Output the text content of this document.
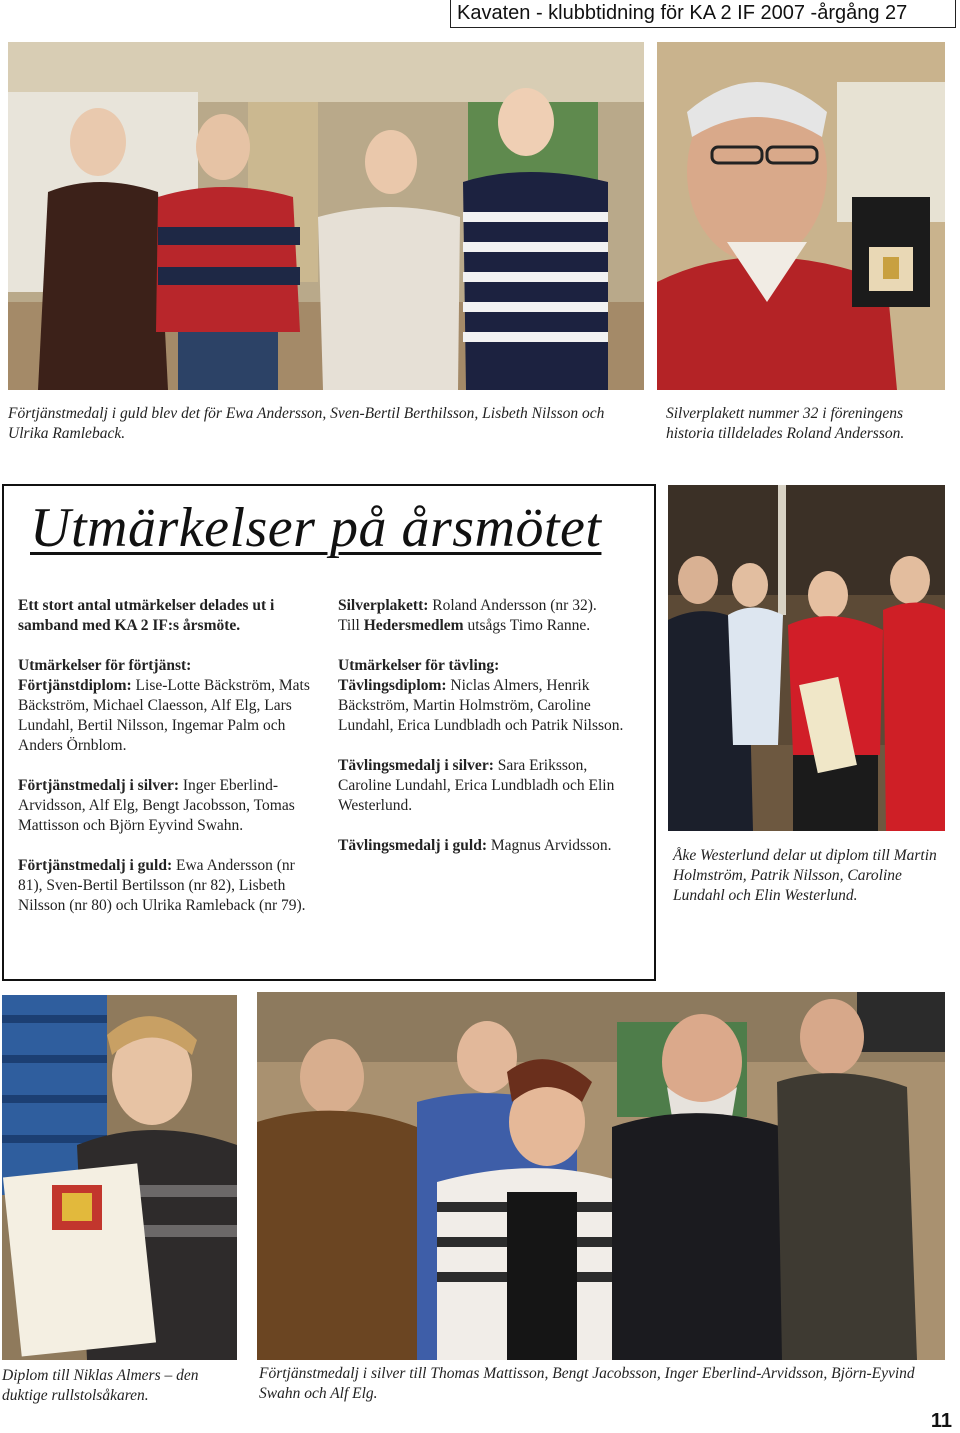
Kavaten - klubbtidning för KA 2 IF 2007 -årgång 27
Förtjänstmedalj i guld blev det för Ewa Andersson, Sven-Bertil Berthilsson, Lisbeth Nilsson och Ulrika Ramleback.
Silverplakett nummer 32 i föreningens historia tilldelades Roland Andersson.
Utmärkelser på årsmötet

Ett stort antal utmärkelser delades ut i samband med KA 2 IF:s årsmöte.

Utmärkelser för förtjänst:
Förtjänstdiplom: Lise-Lotte Bäckström, Mats Bäckström, Michael Claesson, Alf Elg, Lars Lundahl, Bertil Nilsson, Ingemar Palm och Anders Örnblom.

Förtjänstmedalj i silver: Inger Eberlind-Arvidsson, Alf Elg, Bengt Jacobsson, Tomas Mattisson och Björn Eyvind Swahn.

Förtjänstmedalj i guld: Ewa Andersson (nr 81), Sven-Bertil Bertilsson (nr 82), Lisbeth Nilsson (nr 80) och Ulrika Ramleback (nr 79).

Silverplakett: Roland Andersson (nr 32).
Till Hedersmedlem utsågs Timo Ranne.

Utmärkelser för tävling:
Tävlingsdiplom: Niclas Almers, Henrik Bäckström, Martin Holmström, Caroline Lundahl, Erica Lundbladh och Patrik Nilsson.

Tävlingsmedalj i silver: Sara Eriksson, Caroline Lundahl, Erica Lundbladh och Elin Westerlund.

Tävlingsmedalj i guld: Magnus Arvidsson.

Åke Westerlund delar ut diplom till Martin Holmström, Patrik Nilsson, Caroline Lundahl och Elin Westerlund.
Diplom till Niklas Almers – den duktige rullstolsåkaren.
Förtjänstmedalj i silver till Thomas Mattisson, Bengt Jacobsson, Inger Eberlind-Arvidsson, Björn-Eyvind Swahn och Alf Elg.
11
